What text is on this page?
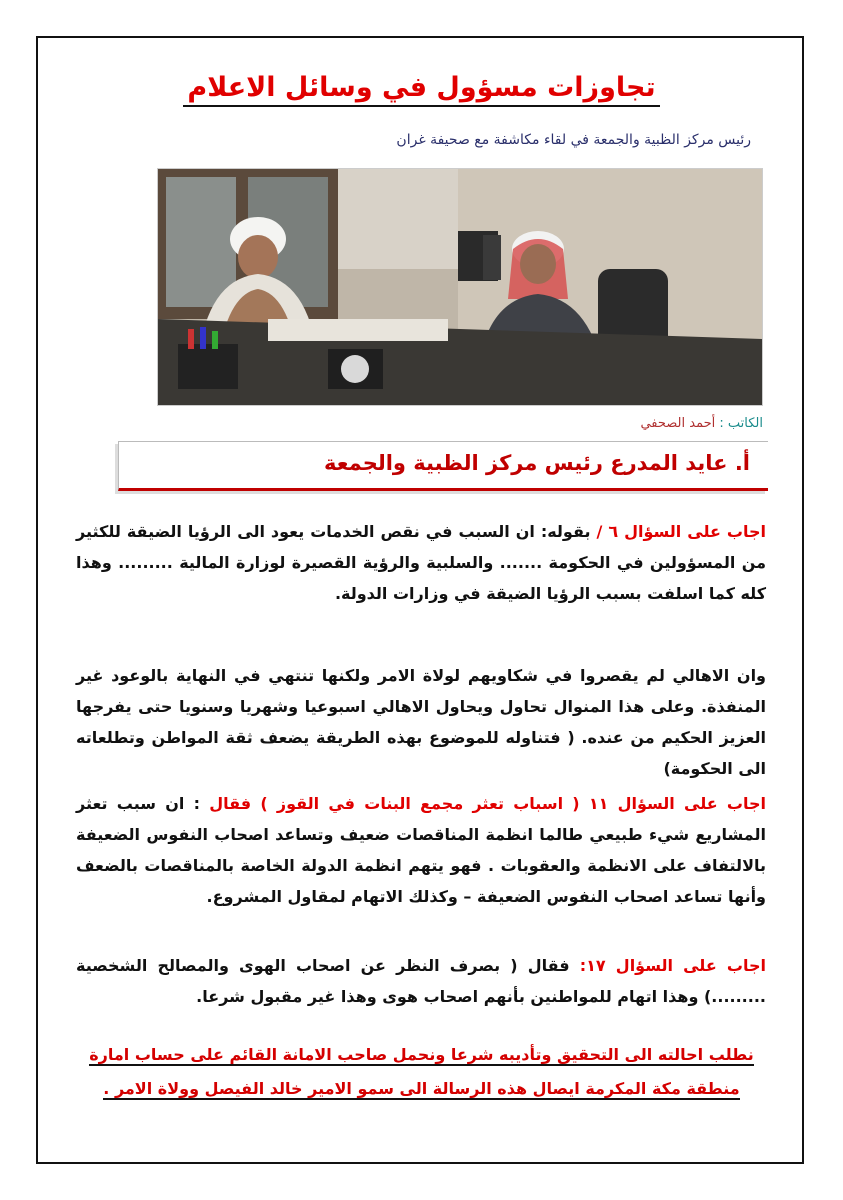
تجاوزات مسؤول في وسائل الاعلام
رئيس مركز الظبية والجمعة في لقاء مكاشفة مع صحيفة غران
الكاتب : أحمد الصحفي
أ. عايد المدرع رئيس مركز الظبية والجمعة
اجاب على السؤال ٦ / بقوله: ان السبب في نقص الخدمات يعود الى الرؤيا الضيقة للكثير من المسؤولين في الحكومة ....... والسلبية والرؤية القصيرة لوزارة المالية ......... وهذا كله كما اسلفت بسبب الرؤيا الضيقة في وزارات الدولة.
وان الاهالي لم يقصروا في شكاويهم لولاة الامر ولكنها تنتهي في النهاية بالوعود غير المنفذة. وعلى هذا المنوال تحاول ويحاول الاهالي اسبوعيا وشهريا وسنويا حتى يفرجها العزيز الحكيم من عنده. ( فتناوله للموضوع بهذه الطريقة يضعف ثقة المواطن وتطلعاته الى الحكومة)
اجاب على السؤال ١١ ( اسباب تعثر مجمع البنات في القوز ) فقال : ان سبب تعثر المشاريع شيء طبيعي طالما انظمة المناقصات ضعيف وتساعد اصحاب النفوس الضعيفة بالالتفاف على الانظمة والعقوبات . فهو يتهم انظمة الدولة الخاصة بالمناقصات بالضعف وأنها تساعد اصحاب النفوس الضعيفة – وكذلك الاتهام لمقاول المشروع.
اجاب على السؤال ١٧: فقال ( بصرف النظر عن اصحاب الهوى والمصالح الشخصية .........) وهذا اتهام للمواطنين بأنهم اصحاب هوى وهذا غير مقبول شرعا.
نطلب احالته الى التحقيق وتأديبه شرعا ونحمل صاحب الامانة القائم على حساب امارة
منطقة مكة المكرمة ايصال هذه الرسالة الى سمو الامير خالد الفيصل وولاة الامر .
